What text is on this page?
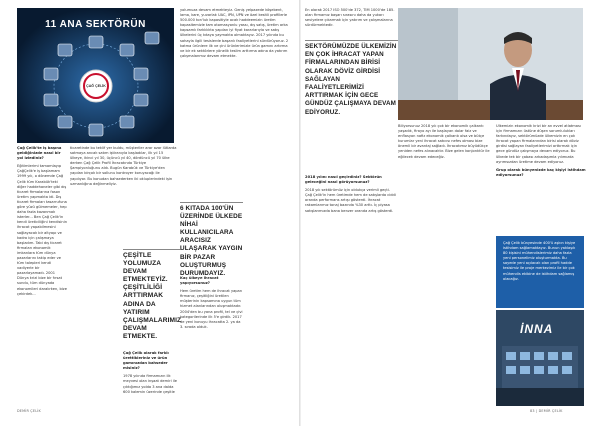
11 ANA SEKTÖRÜN
ÇAĞ ÇELİK

Çağ Çelik'te iş başına geldiğinizde nasıl bir yol izlediniz?

Eğitimlerimi tamamlayıp ÇağÇelik'e iş başlamam 1999 yılı, o dönemde Çağ Çelik tüm Karabük'teki diğer haddehaneler gibi dış ticaret firmalarına fason üretim yapmakta idi. Dış ticaret firmaları tasarrufuna göre yüzü gülmemeler, hep daha fazla kazanmak isterler... Ben Çağ Çelik'in kendi üreticiliğini kendisinin ihracat yapabilmesini sağlayacak bir altyapı ve kadro için çalışmaya başladım. Tabi dış ticaret firmaları ekonomik imkanlara tüm dünya pazarlarını takip eder ve tüm talepleri kendi vadiyerle bir pazarlayamadı. 2001 Dünya krizi bize bir fırsat sundu, tüm dünyada ekonomileri daralırken, bize çekirdek...

ticaretinde bu teklif yer buldu, müşteriler arar azar lütlarda satmaya ancak satım iştiranıyla başladılar, ilk yıl 15 ülkeye, ikinci yıl 30, üçüncü yıl 40, dördüncü yıl 70 ülke derken Çağ Çelik Profil İhracatında Türkiye Şampiyonluğunu aldı. Bugün Karabük ve Türkiye'den yapılan birçok bir sollunu kontroyer koruyacağı ile yapılıyor. Bu konudan bahsederken iki okluplerindeki işin uzmanlığına değinmeliyiz.

ÇEŞİTLE YOLUMUZA DEVAM ETMEKTEYİZ. ÇEŞİTLİLİĞİ ARTTIRMAK ADINA DA YATIRIM ÇALIŞMALARIMIZ DEVAM ETMEKTE.

Çağ Çelik olarak farklı ürettikleriniz ve ürün gamınızdan bahseder misiniz?

1978 yılında firmamızın ilk meyvesi olan inşaat demiri ile çıktığımız yolda 3 ana dalda 600 kalemin üzerinde çeşitle

yolumuza devam etmekteyiz. Geniş yelpazede köşebent, lama, kare, yuvarlak UAC, IPN, UPN ve özel kesitli profillerle 500.000 ton'luk kapasitiyle ocak haddeemizin üretim kapasitemizle tam otomasyonlu yassı, dış satış, üretim arka kapsamlı farklılıkta yapılan iyi fiyat kararlarıyla ve satış ülkelerini üç kıtaya yaymakta olmaktayız. 2017 yılında bu sahayla ilgili tesislerde başarılı faaliyetlerini sürdürüyoruz. 2 katma ürünlere ilk ve çini ürünlerimizle ürün gamını artırma ve bir ek sektörlere yönelik teslim arttırma adına da yatırım çalışmalarımız devam etmekte.

6 KITADA 100'ÜN ÜZERİNDE ÜLKEDE NİHAİ KULLANICILARA ARACISIZ ULAŞARAK YAYGIN BİR PAZAR OLUŞTURMUŞ DURUMDAYIZ.

Kaç ülkeye ihracat yapıyorsunuz?

Hem üretim hem de ihracat yapan firmanız, çeşitliğini üretilen müşterinin kapsamına uygun tüm hizmet alanlarından oluşmaktadır. 2004'den bu yana profil, tel ve çivi kategorilerinde ilk 5'e girdik. 2017 de yeni konuyu ihracatta 2. ya da 3. sırada olduk.

DEMİR ÇELİK

En olarak 2017 ISO 500'de 372, TİM 1000'de 185. olan firmamız başarı sırasını daha da yukarı seviyelere çıkarmak için yatırım ve çalışmalarına sürdürmektedir.

SEKTÖRÜMÜZDE ÜLKEMİZİN EN ÇOK İHRACAT YAPAN FİRMALARINDAN BİRİSİ OLARAK DÖVİZ GİRDİSİ SAĞLAYAN FAALİYETLERİMİZİ ARTTIRMAK İÇİN GECE GÜNDÜZ ÇALIŞMAYA DEVAM EDİYORUZ.

2018 yılını nasıl geçirdiniz? Sektörün geleceğini nasıl görüyorsunuz?

2018 yılı sektörümüz için oldukça verimli geçti. Çağ Çelik'in hem üretimde hem de satışlarda ciddi oranda performans artışı gösterdi. İhracat rakamlarımız tonaj bazında %30 arttı. İç piyasa satışlarımızda bana benzer oranda artış gösterdi.

Biliyorsunuz 2018 yılı çok bir ekonomik çalkantı yaşadık, firayo ayı ile başlayan dolar faiz ve enflasyon nafiz ekonomik çalkantı olsa ve bütçe kurumlar yeni ihracat satıcısı nefes olması bize önemli bir avantaj sağladı. İhracatımız büyüdükçe yeniden nefes alınacaktır. Bize gelen konjonktür ile eğilecek devam edeceğiz.

Ülkemizin ekonomik krizi bir an evvel atlatması için firmamızın üstüne düşen sorumlulukları farkındayız, sektörümüzde ülkemizin en çok ihracat yapan firmalarından birisi olarak döviz girdisi sağlayan faaliyetlerimizi arttırmak için gece gündüz çalışmaya devam ediyoruz. Bu ülkede tek bir çabası arkadaşımla yılımızda ayrımsızdan üretime devam ediyoruz.

Grup olarak bünyenizde kaç kişiyi istihdam ediyorsunuz?

Çağ Çelik bünyesinde 400'ü aşkın kişiye istihdam sağlamaktayız. Bunun yaklaşık 80 kişisini mühendislerimiz daha fazla yeni personelimiz oluşturmakta. Bu sayede yeni açılacak olan profil hadde tesisimiz ile proje merkezimiz ile bir çok mühendis ekibine de istihdam sağlamış olacağız.
İNNA
83 | DEMİR ÇELİK
